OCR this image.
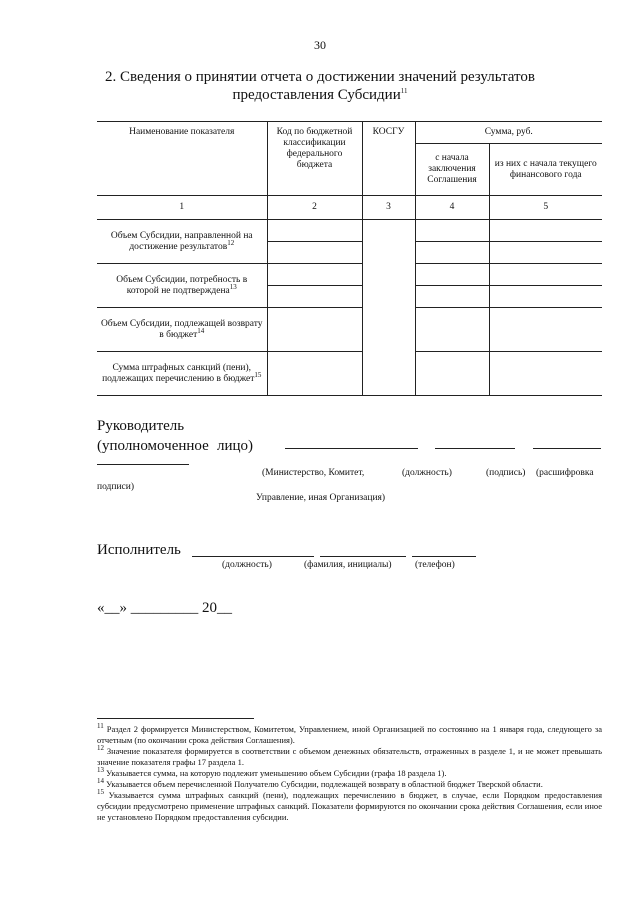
30
2. Сведения о принятии отчета о достижении значений результатов
предоставления Субсидии$^{11}$
Наименование показателя	Код по бюджетной классификации федерального бюджета	КОСГУ	Сумма, руб.	
			с начала заключения Соглашения	из них с начала текущего финансового года
1	2	3	4	5
Объем Субсидии, направленной на достижение результатов$^{12}$				

Объем Субсидии, потребность в которой не подтверждена$^{13}$			

Объем Субсидии, подлежащей возврату в бюджет$^{14}$			

Сумма штрафных санкций (пени), подлежащих перечислению в бюджет$^{15}$			

Руководитель
(уполномоченное лицо)
(Министерство, Комитет,	(должность)	(подпись) (расшифровка
подписи)
Управление, иная Организация)
Исполнитель
(должность)	(фамилия, инициалы) (телефон)
«__» _________ 20__

$^{11}$ Раздел 2 формируется Министерством, Комитетом, Управлением, иной Организацией по состоянию на 1 января года, следующего за отчетным (по окончании срока действия Соглашения).

$^{12}$ Значение показателя формируется в соответствии с объемом денежных обязательств, отраженных в разделе 1, и не может превышать значение показателя графы 17 раздела 1.

$^{13}$ Указывается сумма, на которую подлежит уменьшению объем Субсидии (графа 18 раздела 1).

$^{14}$ Указывается объем перечисленной Получателю Субсидии, подлежащей возврату в областной бюджет Тверской области.

$^{15}$ Указывается сумма штрафных санкций (пени), подлежащих перечислению в бюджет, в случае, если Порядком предоставления субсидии предусмотрено применение штрафных санкций. Показатели формируются по окончании срока действия Соглашения, если иное не установлено Порядком предоставления субсидии.
